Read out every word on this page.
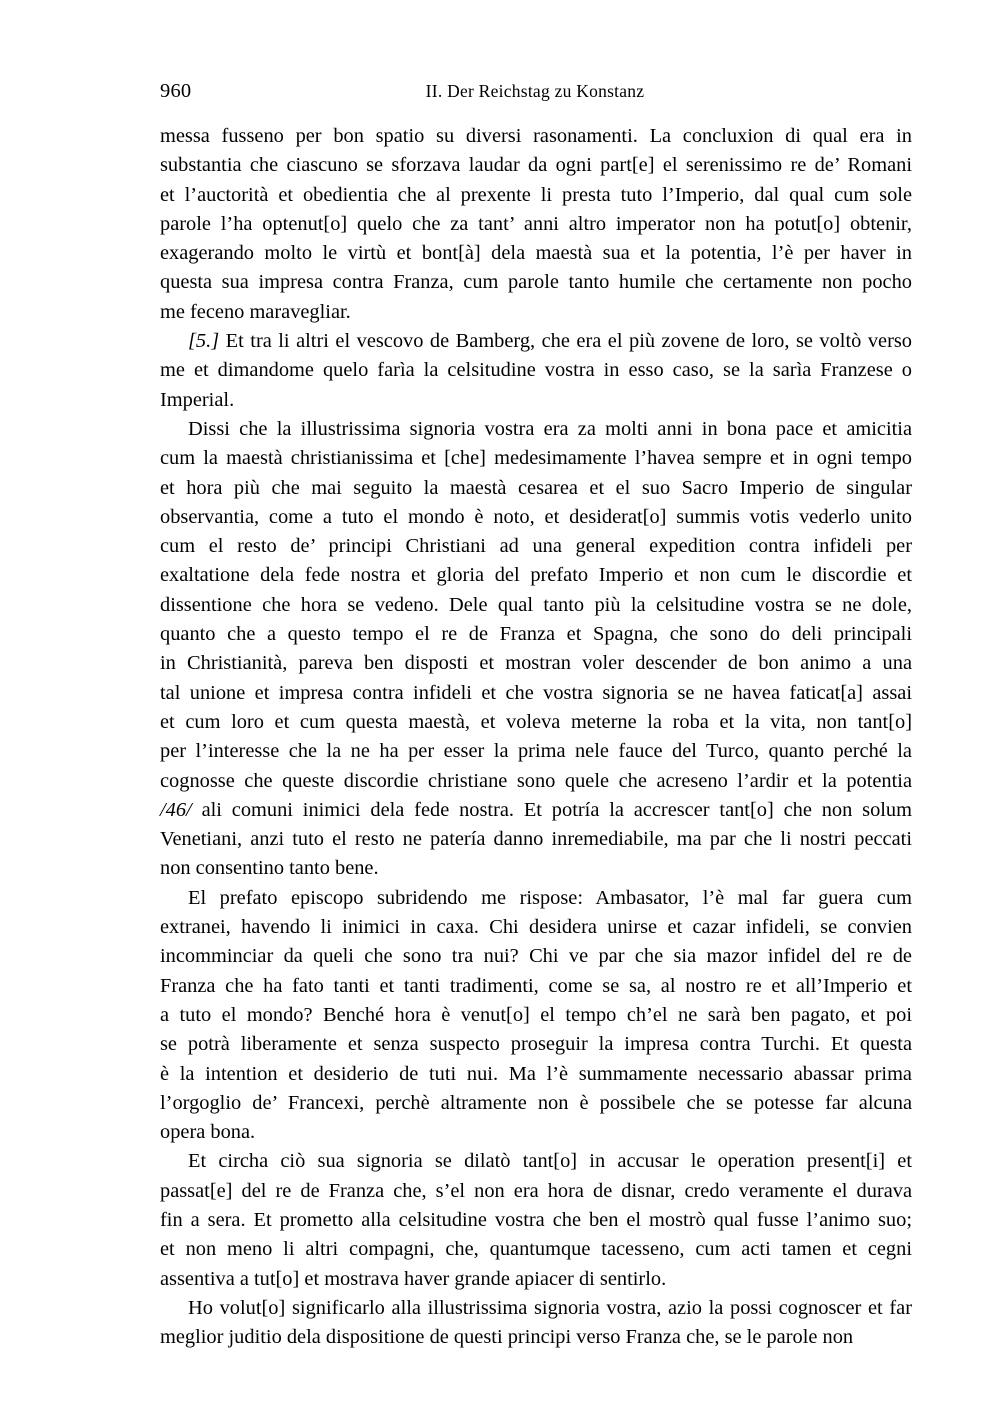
960	II. Der Reichstag zu Konstanz

messa fusseno per bon spatio su diversi rasonamenti. La concluxion di qual era in
substantia che ciascuno se sforzava laudar da ogni part[e] el serenissimo re de’ Romani
et l’auctorità et obedientia che al prexente li presta tuto l’Imperio, dal qual cum sole
parole l’ha optenut[o] quelo che za tant’ anni altro imperator non ha potut[o] obtenir,
exagerando molto le virtù et bont[à] dela maestà sua et la potentia, l’è per haver in
questa sua impresa contra Franza, cum parole tanto humile che certamente non pocho
me feceno maravegliar.

[5.] Et tra li altri el vescovo de Bamberg, che era el più zovene de loro, se voltò verso
me et dimandome quelo farìa la celsitudine vostra in esso caso, se la sarìa Franzese o
Imperial.

Dissi che la illustrissima signoria vostra era za molti anni in bona pace et amicitia
cum la maestà christianissima et [che] medesimamente l’havea sempre et in ogni tempo
et hora più che mai seguito la maestà cesarea et el suo Sacro Imperio de singular
observantia, come a tuto el mondo è noto, et desiderat[o] summis votis vederlo unito
cum el resto de’ principi Christiani ad una general expedition contra infideli per
exaltatione dela fede nostra et gloria del prefato Imperio et non cum le discordie et
dissentione che hora se vedeno. Dele qual tanto più la celsitudine vostra se ne dole,
quanto che a questo tempo el re de Franza et Spagna, che sono do deli principali
in Christianità, pareva ben disposti et mostran voler descender de bon animo a una
tal unione et impresa contra infideli et che vostra signoria se ne havea faticat[a] assai
et cum loro et cum questa maestà, et voleva meterne la roba et la vita, non tant[o]
per l’interesse che la ne ha per esser la prima nele fauce del Turco, quanto perché la
cognosse che queste discordie christiane sono quele che acreseno l’ardir et la potentia
/46/ ali comuni inimici dela fede nostra. Et potría la accrescer tant[o] che non solum
Venetiani, anzi tuto el resto ne patería danno inremediabile, ma par che li nostri peccati
non consentino tanto bene.

El prefato episcopo subridendo me rispose: Ambasator, l’è mal far guera cum
extranei, havendo li inimici in caxa. Chi desidera unirse et cazar infideli, se convien
incomminciar da queli che sono tra nui? Chi ve par che sia mazor infidel del re de
Franza che ha fato tanti et tanti tradimenti, come se sa, al nostro re et all’Imperio et
a tuto el mondo? Benché hora è venut[o] el tempo ch’el ne sarà ben pagato, et poi
se potrà liberamente et senza suspecto proseguir la impresa contra Turchi. Et questa
è la intention et desiderio de tuti nui. Ma l’è summamente necessario abassar prima
l’orgoglio de’ Francexi, perchè altramente non è possibele che se potesse far alcuna
opera bona.

Et circha ciò sua signoria se dilatò tant[o] in accusar le operation present[i] et
passat[e] del re de Franza che, s’el non era hora de disnar, credo veramente el durava
fin a sera. Et prometto alla celsitudine vostra che ben el mostrò qual fusse l’animo suo;
et non meno li altri compagni, che, quantumque tacesseno, cum acti tamen et cegni
assentiva a tut[o] et mostrava haver grande apiacer di sentirlo.

Ho volut[o] significarlo alla illustrissima signoria vostra, azio la possi cognoscer et far
meglior juditio dela dispositione de questi principi verso Franza che, se le parole non
